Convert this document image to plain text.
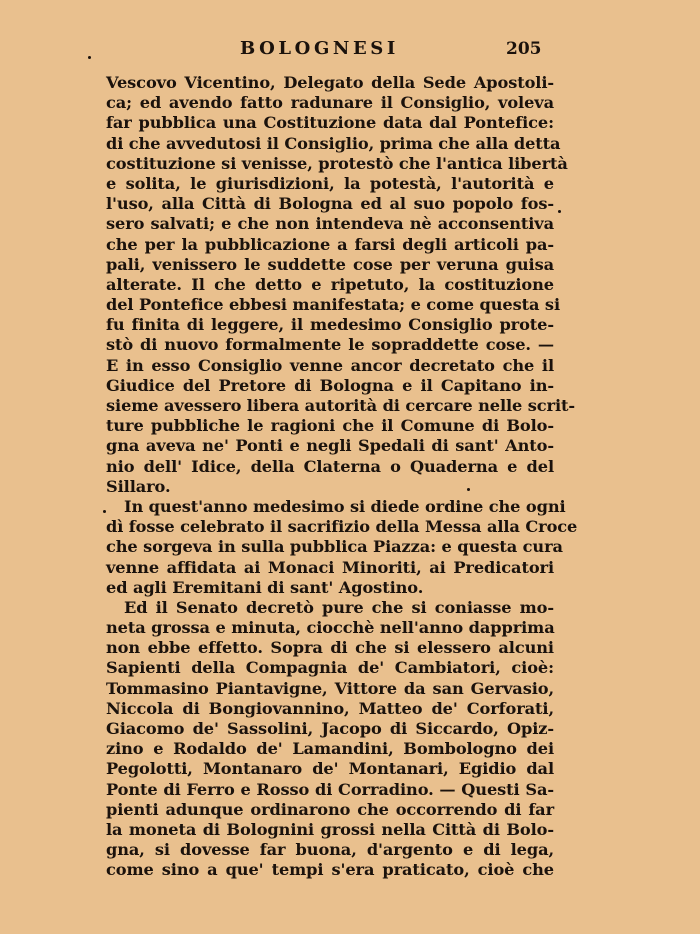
BOLOGNESI	205
Vescovo Vicentino, Delegato della Sede Apostoli-
ca; ed avendo fatto radunare il Consiglio, voleva
far pubblica una Costituzione data dal Pontefice:
di che avvedutosi il Consiglio, prima che alla detta
costituzione si venisse, protestò che l'antica libertà
e solita, le giurisdizioni, la potestà, l'autorità e
l'uso, alla Città di Bologna ed al suo popolo fos-
sero salvati; e che non intendeva nè acconsentiva
che per la pubblicazione a farsi degli articoli pa-
pali, venissero le suddette cose per veruna guisa
alterate. Il che detto e ripetuto, la costituzione
del Pontefice ebbesi manifestata; e come questa si
fu finita di leggere, il medesimo Consiglio prote-
stò di nuovo formalmente le sopraddette cose. —
E in esso Consiglio venne ancor decretato che il
Giudice del Pretore di Bologna e il Capitano in-
sieme avessero libera autorità di cercare nelle scrit-
ture pubbliche le ragioni che il Comune di Bolo-
gna aveva ne' Ponti e negli Spedali di sant' Anto-
nio dell' Idice, della Claterna o Quaderna e del
Sillaro.
In quest'anno medesimo si diede ordine che ogni
dì fosse celebrato il sacrifizio della Messa alla Croce
che sorgeva in sulla pubblica Piazza: e questa cura
venne affidata ai Monaci Minoriti, ai Predicatori
ed agli Eremitani di sant' Agostino.
Ed il Senato decretò pure che si coniasse mo-
neta grossa e minuta, ciocchè nell'anno dapprima
non ebbe effetto. Sopra di che si elessero alcuni
Sapienti della Compagnia de' Cambiatori, cioè:
Tommasino Piantavigne, Vittore da san Gervasio,
Niccola di Bongiovannino, Matteo de' Corforati,
Giacomo de' Sassolini, Jacopo di Siccardo, Opiz-
zino e Rodaldo de' Lamandini, Bombologno dei
Pegolotti, Montanaro de' Montanari, Egidio dal
Ponte di Ferro e Rosso di Corradino. — Questi Sa-
pienti adunque ordinarono che occorrendo di far
la moneta di Bolognini grossi nella Città di Bolo-
gna, si dovesse far buona, d'argento e di lega,
come sino a que' tempi s'era praticato, cioè che
